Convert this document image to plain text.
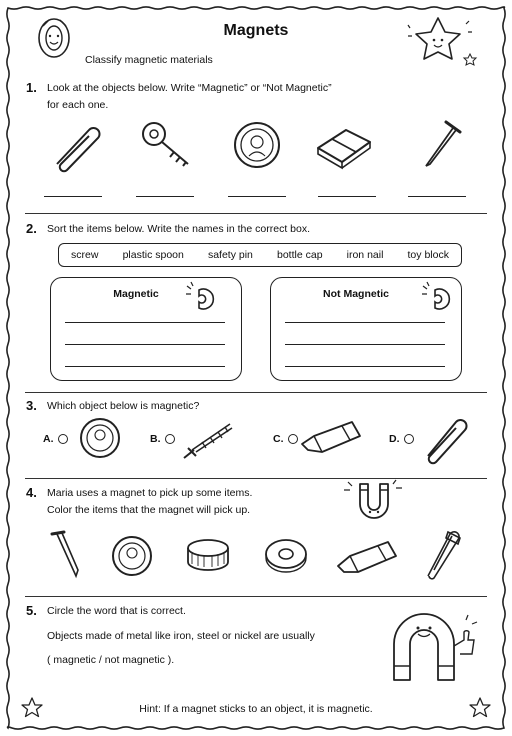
Magnets
Classify magnetic materials
1. Look at the objects below. Write “Magnetic” or “Not Magnetic”
for each one.
2. Sort the items below. Write the names in the correct box.
screw plastic spoon safety pin bottle cap iron nail toy block
Magnetic	Not Magnetic
3. Which object below is magnetic?
A.	B.	C.	D.
4. Maria uses a magnet to pick up some items.
Color the items that the magnet will pick up.
5. Circle the word that is correct.
Objects made of metal like iron, steel or nickel are usually
( magnetic / not magnetic ).
Hint: If a magnet sticks to an object, it is magnetic.
